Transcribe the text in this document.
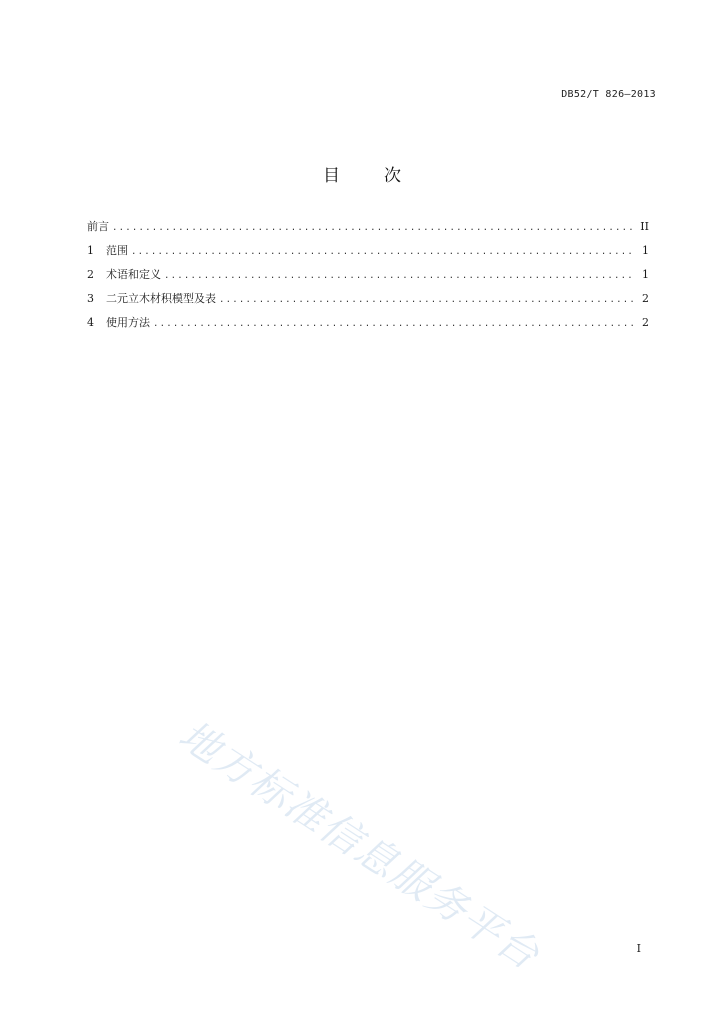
DB52/T 826—2013
目	次
前言 .....	II
1	范围 .....	1
2	术语和定义 .....	1
3	二元立木材积模型及表 .....	2
4	使用方法 .....	2
地方标准信息服务平台	I
